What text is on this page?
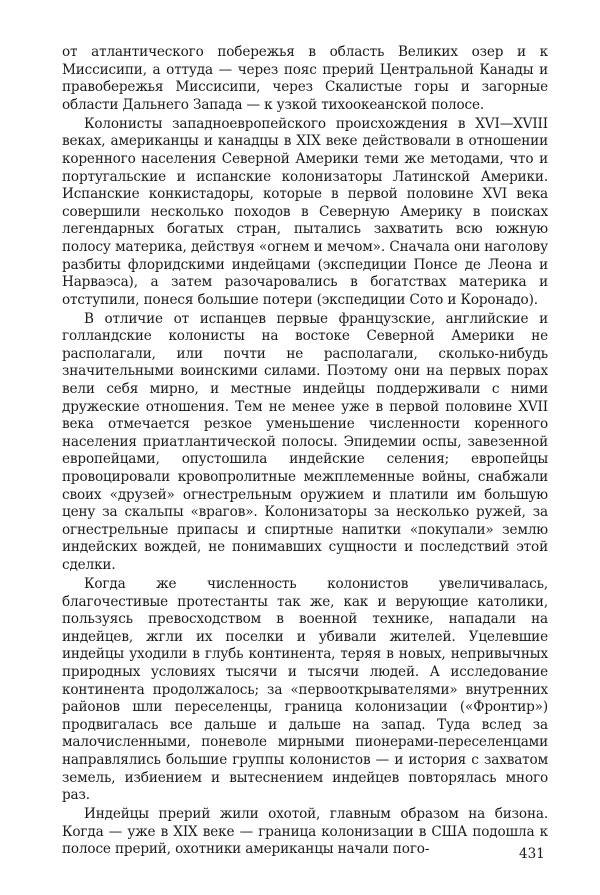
от атлантического побережья в область Великих озер и к Миссисипи, а оттуда — через пояс прерий Центральной Канады и правобережья Миссисипи, через Скалистые горы и загорные области Дальнего Запада — к узкой тихоокеанской полосе.

Колонисты западноевропейского происхождения в XVI—XVIII веках, американцы и канадцы в XIX веке действовали в отношении коренного населения Северной Америки теми же методами, что и португальские и испанские колонизаторы Латинской Америки. Испанские конкистадоры, которые в первой половине XVI века совершили несколько походов в Северную Америку в поисках легендарных богатых стран, пытались захватить всю южную полосу материка, действуя «огнем и мечом». Сначала они наголову разбиты флоридскими индейцами (экспедиции Понсе де Леона и Нарваэса), а затем разочаровались в богатствах материка и отступили, понеся большие потери (экспедиции Сото и Коронадо).

В отличие от испанцев первые французские, английские и голландские колонисты на востоке Северной Америки не располагали, или почти не располагали, сколько-нибудь значительными воинскими силами. Поэтому они на первых порах вели себя мирно, и местные индейцы поддерживали с ними дружеские отношения. Тем не менее уже в первой половине XVII века отмечается резкое уменьшение численности коренного населения приатлантической полосы. Эпидемии оспы, завезенной европейцами, опустошила индейские селения; европейцы провоцировали кровопролитные межплеменные войны, снабжали своих «друзей» огнестрельным оружием и платили им большую цену за скальпы «врагов». Колонизаторы за несколько ружей, за огнестрельные припасы и спиртные напитки «покупали» землю индейских вождей, не понимавших сущности и последствий этой сделки.

Когда же численность колонистов увеличивалась, благочестивые протестанты так же, как и верующие католики, пользуясь превосходством в военной технике, нападали на индейцев, жгли их поселки и убивали жителей. Уцелевшие индейцы уходили в глубь континента, теряя в новых, непривычных природных условиях тысячи и тысячи людей. А исследование континента продолжалось; за «первооткрывателями» внутренних районов шли переселенцы, граница колонизации («Фронтир») продвигалась все дальше и дальше на запад. Туда вслед за малочисленными, поневоле мирными пионерами-переселенцами направлялись большие группы колонистов — и история с захватом земель, избиением и вытеснением индейцев повторялась много раз.

Индейцы прерий жили охотой, главным образом на бизона. Когда — уже в XIX веке — граница колонизации в США подошла к полосе прерий, охотники американцы начали пого-	431
